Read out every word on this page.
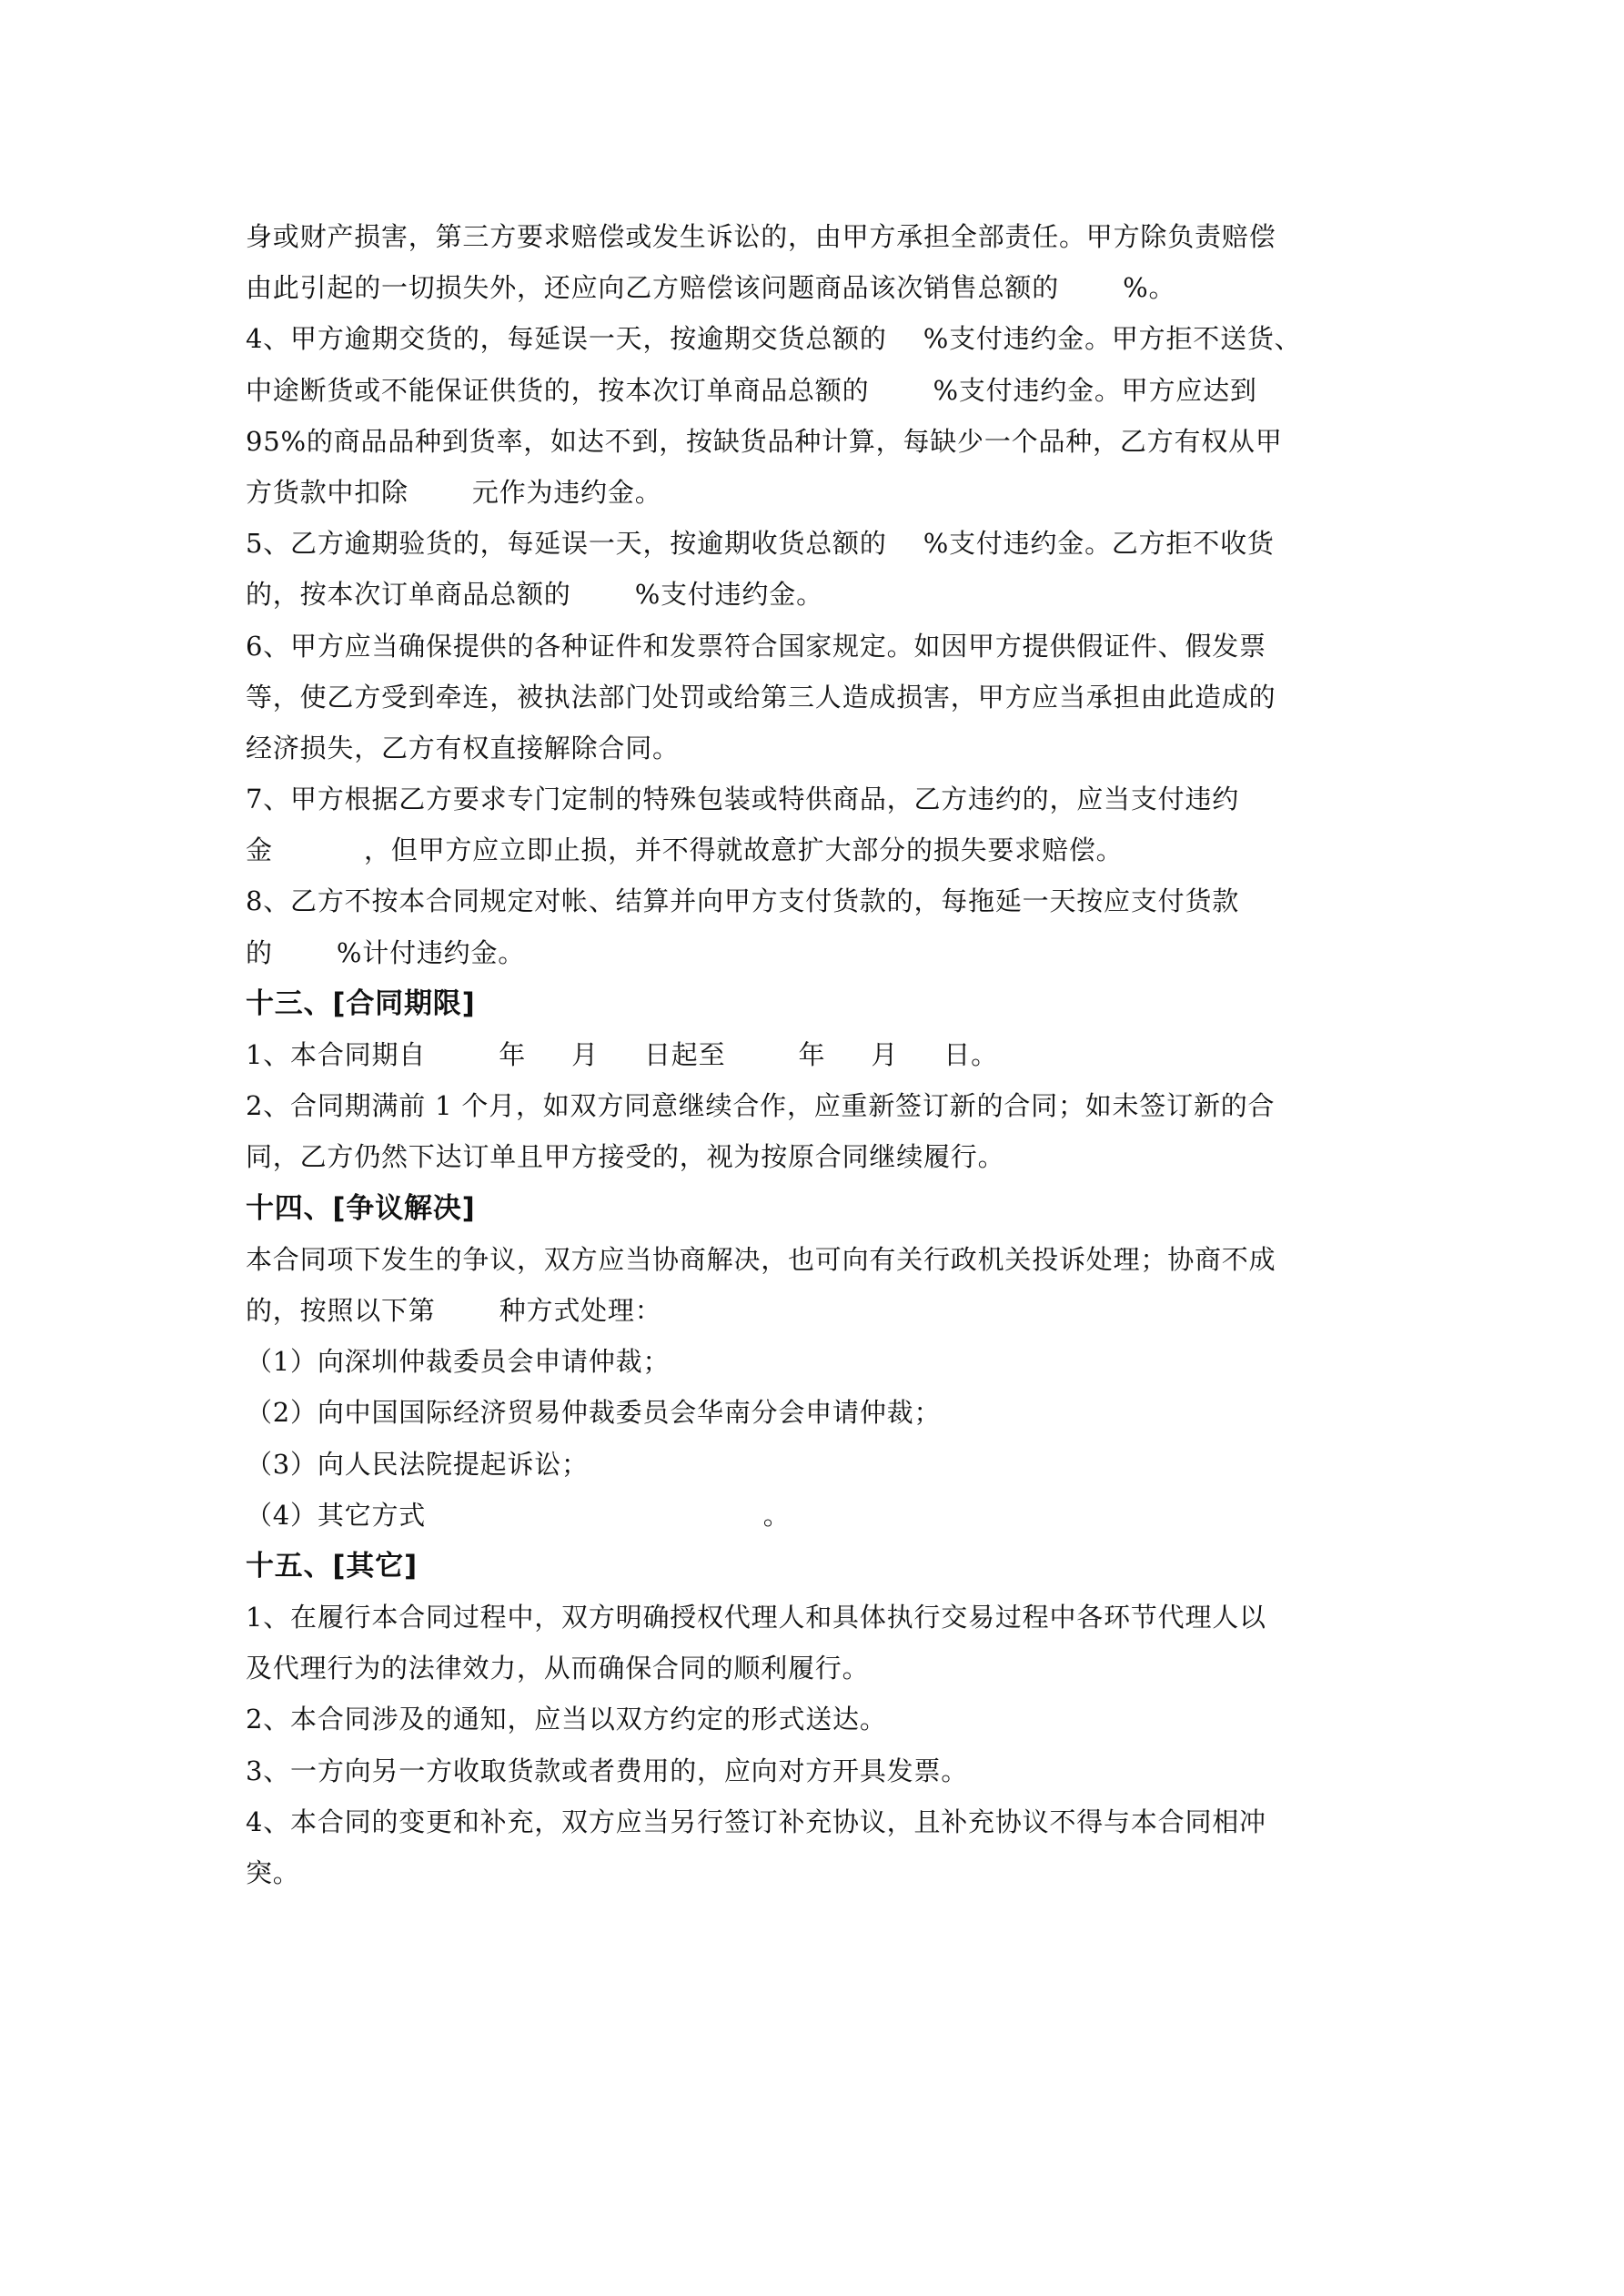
身或财产损害，第三方要求赔偿或发生诉讼的，由甲方承担全部责任。甲方除负责赔偿
由此引起的一切损失外，还应向乙方赔偿该问题商品该次销售总额的       %。
4、甲方逾期交货的，每延误一天，按逾期交货总额的    %支付违约金。甲方拒不送货、
中途断货或不能保证供货的，按本次订单商品总额的       %支付违约金。甲方应达到
95%的商品品种到货率，如达不到，按缺货品种计算，每缺少一个品种，乙方有权从甲
方货款中扣除       元作为违约金。
5、乙方逾期验货的，每延误一天，按逾期收货总额的    %支付违约金。乙方拒不收货
的，按本次订单商品总额的       %支付违约金。
6、甲方应当确保提供的各种证件和发票符合国家规定。如因甲方提供假证件、假发票
等，使乙方受到牵连，被执法部门处罚或给第三人造成损害，甲方应当承担由此造成的
经济损失，乙方有权直接解除合同。
7、甲方根据乙方要求专门定制的特殊包装或特供商品，乙方违约的，应当支付违约
金          ，但甲方应立即止损，并不得就故意扩大部分的损失要求赔偿。
8、乙方不按本合同规定对帐、结算并向甲方支付货款的，每拖延一天按应支付货款
的       %计付违约金。
十三、[合同期限]
1、本合同期自        年     月     日起至        年     月     日。
2、合同期满前 1 个月，如双方同意继续合作，应重新签订新的合同；如未签订新的合
同，乙方仍然下达订单且甲方接受的，视为按原合同继续履行。
十四、[争议解决]
本合同项下发生的争议，双方应当协商解决，也可向有关行政机关投诉处理；协商不成
的，按照以下第       种方式处理：
（1）向深圳仲裁委员会申请仲裁；
（2）向中国国际经济贸易仲裁委员会华南分会申请仲裁；
（3）向人民法院提起诉讼；
（4）其它方式                                     。
十五、[其它]
1、在履行本合同过程中，双方明确授权代理人和具体执行交易过程中各环节代理人以
及代理行为的法律效力，从而确保合同的顺利履行。
2、本合同涉及的通知，应当以双方约定的形式送达。
3、一方向另一方收取货款或者费用的，应向对方开具发票。
4、本合同的变更和补充，双方应当另行签订补充协议，且补充协议不得与本合同相冲
突。
